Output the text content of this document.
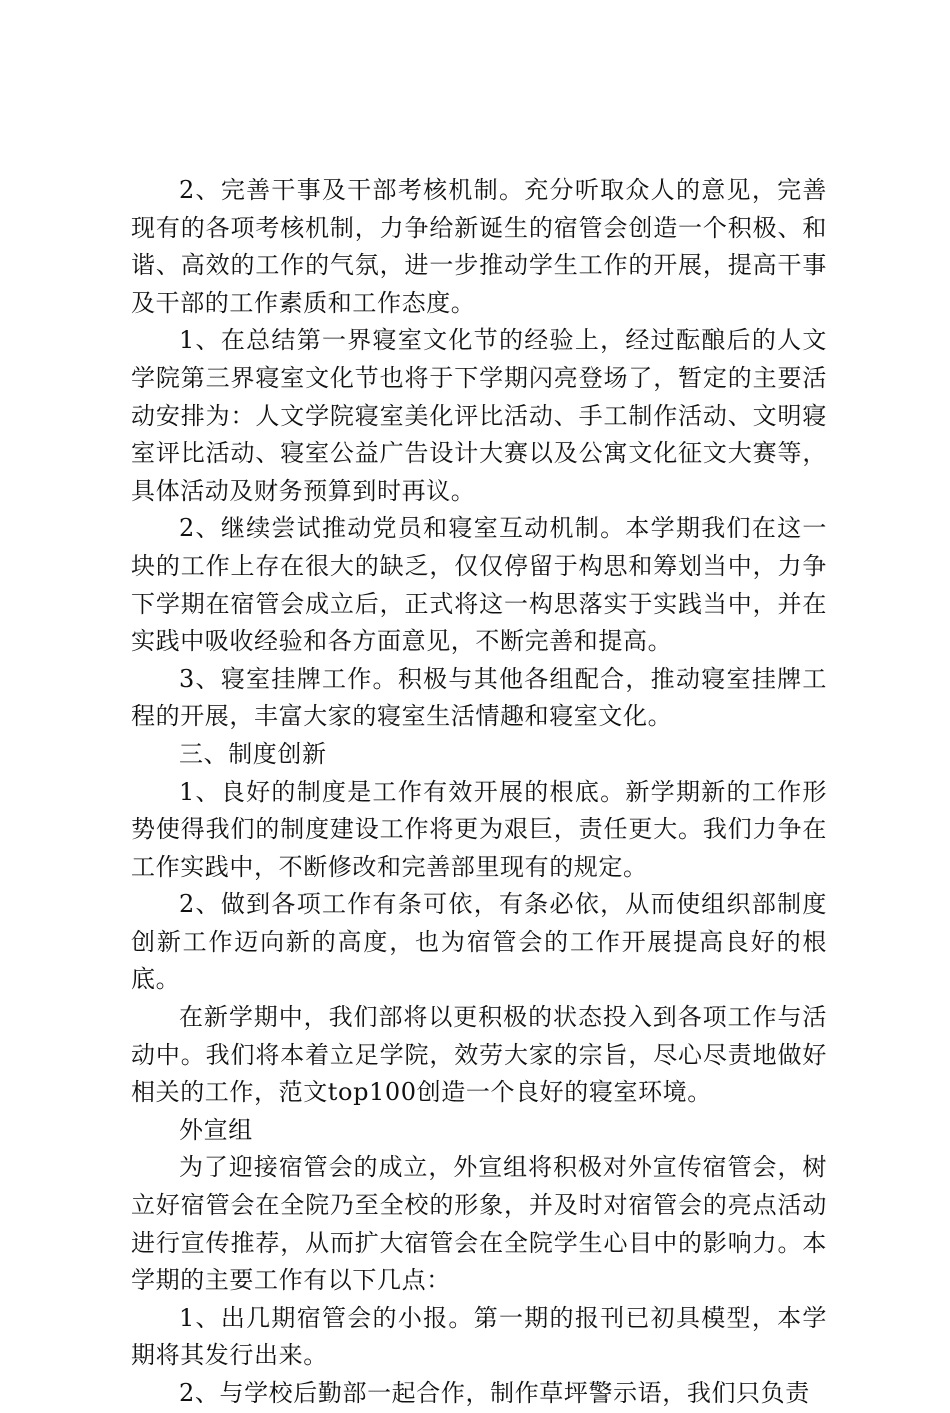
2、完善干事及干部考核机制。充分听取众人的意见，完善现有的各项考核机制，力争给新诞生的宿管会创造一个积极、和谐、高效的工作的气氛，进一步推动学生工作的开展，提高干事及干部的工作素质和工作态度。

1、在总结第一界寝室文化节的经验上，经过酝酿后的人文学院第三界寝室文化节也将于下学期闪亮登场了，暂定的主要活动安排为：人文学院寝室美化评比活动、手工制作活动、文明寝室评比活动、寝室公益广告设计大赛以及公寓文化征文大赛等，具体活动及财务预算到时再议。

2、继续尝试推动党员和寝室互动机制。本学期我们在这一块的工作上存在很大的缺乏，仅仅停留于构思和筹划当中，力争下学期在宿管会成立后，正式将这一构思落实于实践当中，并在实践中吸收经验和各方面意见，不断完善和提高。

3、寝室挂牌工作。积极与其他各组配合，推动寝室挂牌工程的开展，丰富大家的寝室生活情趣和寝室文化。

三、制度创新

1、良好的制度是工作有效开展的根底。新学期新的工作形势使得我们的制度建设工作将更为艰巨，责任更大。我们力争在工作实践中，不断修改和完善部里现有的规定。

2、做到各项工作有条可依，有条必依，从而使组织部制度创新工作迈向新的高度，也为宿管会的工作开展提高良好的根底。

在新学期中，我们部将以更积极的状态投入到各项工作与活动中。我们将本着立足学院，效劳大家的宗旨，尽心尽责地做好相关的工作，范文top100创造一个良好的寝室环境。

外宣组

为了迎接宿管会的成立，外宣组将积极对外宣传宿管会，树立好宿管会在全院乃至全校的形象，并及时对宿管会的亮点活动进行宣传推荐，从而扩大宿管会在全院学生心目中的影响力。本学期的主要工作有以下几点：

1、出几期宿管会的小报。第一期的报刊已初具模型，本学期将其发行出来。

2、与学校后勤部一起合作，制作草坪警示语，我们只负责
